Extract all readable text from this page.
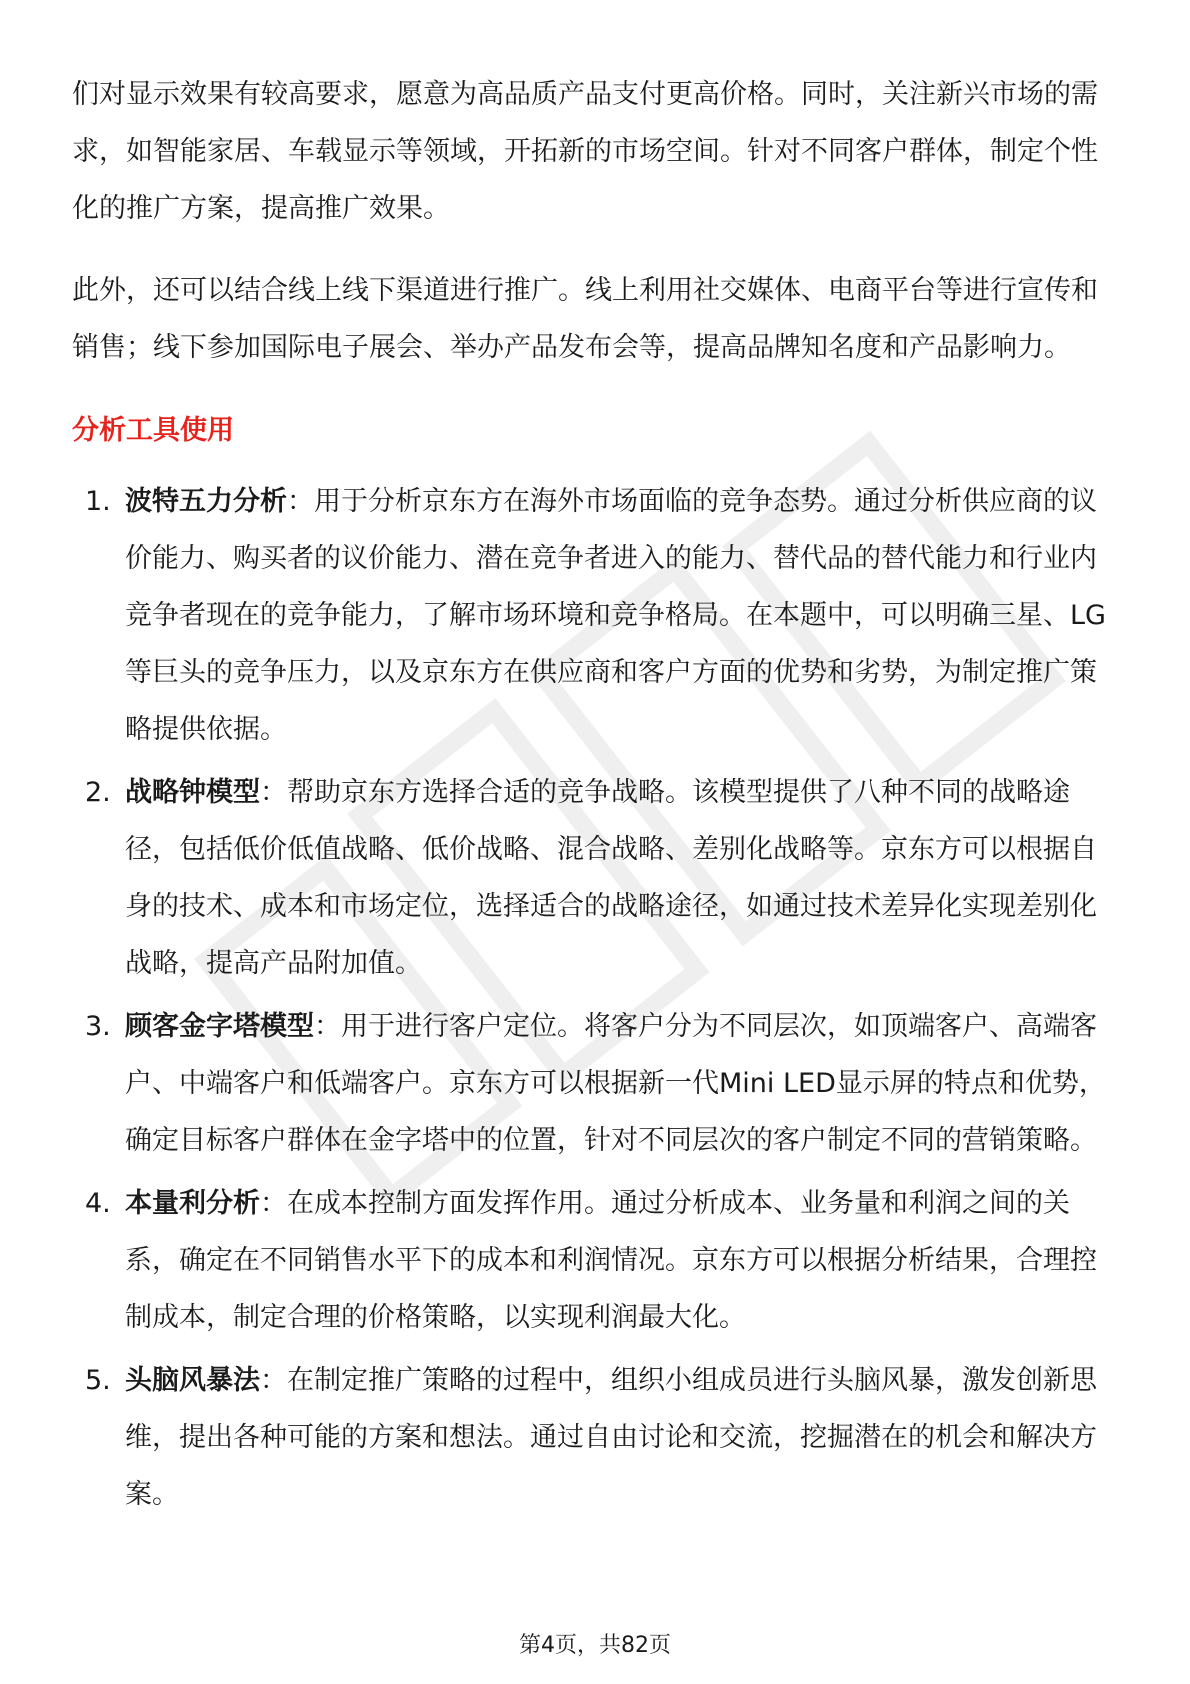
们对显示效果有较高要求，愿意为高品质产品支付更高价格。同时，关注新兴市场的需求，如智能家居、车载显示等领域，开拓新的市场空间。针对不同客户群体，制定个性化的推广方案，提高推广效果。

此外，还可以结合线上线下渠道进行推广。线上利用社交媒体、电商平台等进行宣传和销售；线下参加国际电子展会、举办产品发布会等，提高品牌知名度和产品影响力。

分析工具使用
1. 波特五力分析：用于分析京东方在海外市场面临的竞争态势。通过分析供应商的议价能力、购买者的议价能力、潜在竞争者进入的能力、替代品的替代能力和行业内竞争者现在的竞争能力，了解市场环境和竞争格局。在本题中，可以明确三星、LG等巨头的竞争压力，以及京东方在供应商和客户方面的优势和劣势，为制定推广策略提供依据。
2. 战略钟模型：帮助京东方选择合适的竞争战略。该模型提供了八种不同的战略途径，包括低价低值战略、低价战略、混合战略、差别化战略等。京东方可以根据自身的技术、成本和市场定位，选择适合的战略途径，如通过技术差异化实现差别化战略，提高产品附加值。
3. 顾客金字塔模型：用于进行客户定位。将客户分为不同层次，如顶端客户、高端客户、中端客户和低端客户。京东方可以根据新一代Mini LED显示屏的特点和优势，确定目标客户群体在金字塔中的位置，针对不同层次的客户制定不同的营销策略。
4. 本量利分析：在成本控制方面发挥作用。通过分析成本、业务量和利润之间的关系，确定在不同销售水平下的成本和利润情况。京东方可以根据分析结果，合理控制成本，制定合理的价格策略，以实现利润最大化。
5. 头脑风暴法：在制定推广策略的过程中，组织小组成员进行头脑风暴，激发创新思维，提出各种可能的方案和想法。通过自由讨论和交流，挖掘潜在的机会和解决方案。
第4页，共82页
